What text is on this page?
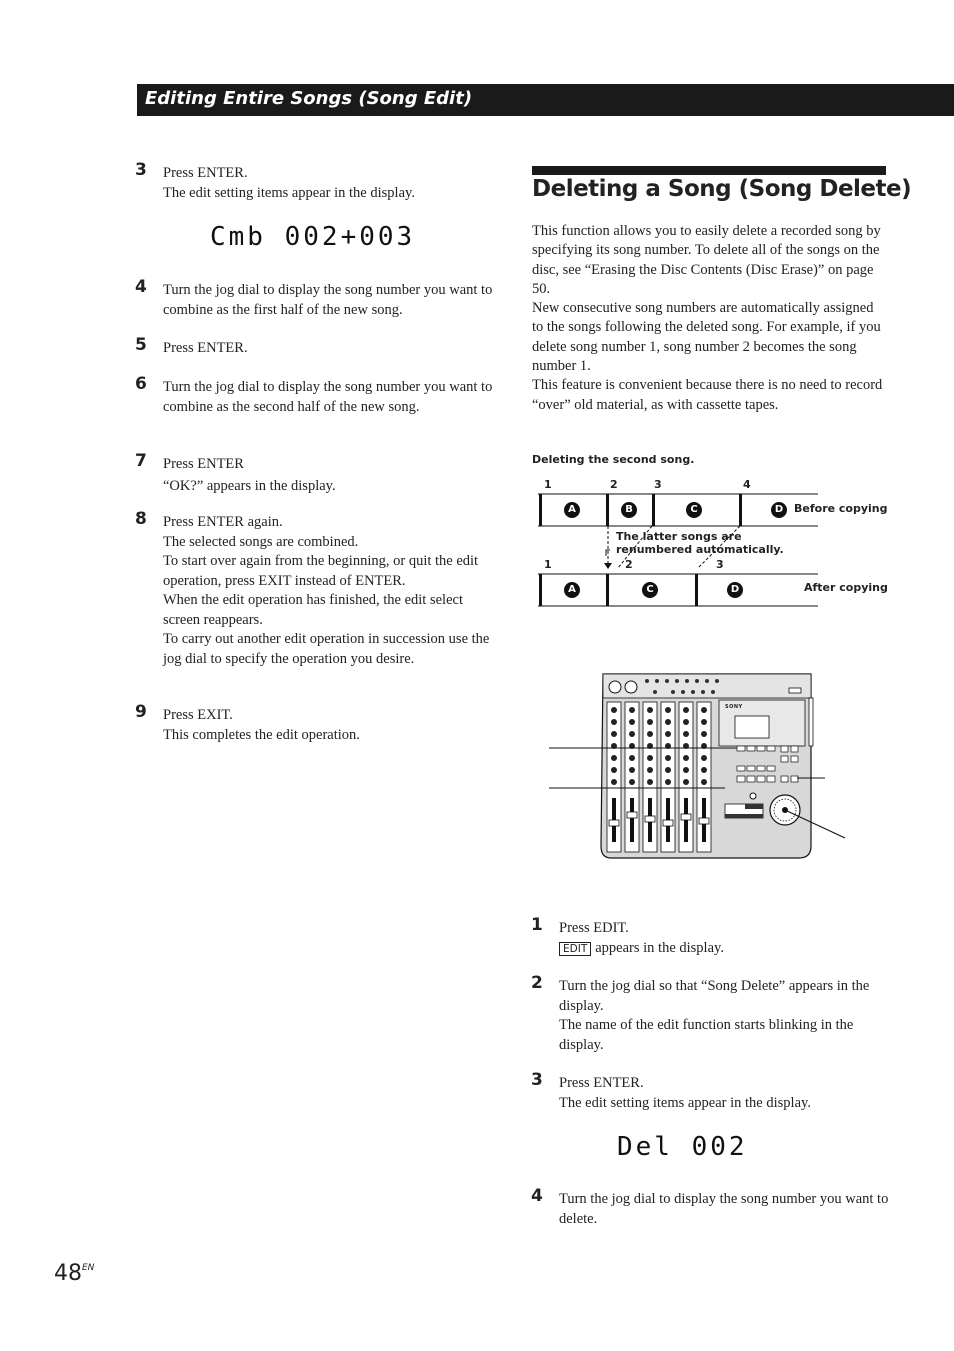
Editing Entire Songs (Song Edit)
3 Press ENTER.

The edit setting items appear in the display.

Cmb 002+003
4 Turn the jog dial to display the song number you want to combine as the first half of the new song.

5 Press ENTER.

6 Turn the jog dial to display the song number you want to combine as the second half of the new song.

7 Press ENTER

“OK?” appears in the display.

8 Press ENTER again.

The selected songs are combined.

To start over again from the beginning, or quit the edit operation, press EXIT instead of ENTER.

When the edit operation has finished, the edit select screen reappears.

To carry out another edit operation in succession use the jog dial to specify the operation you desire.

9 Press EXIT.

This completes the edit operation.

Deleting a Song (Song Delete)

This function allows you to easily delete a recorded song by specifying its song number. To delete all of the songs on the disc, see “Erasing the Disc Contents (Disc Erase)” on page 50.

New consecutive song numbers are automatically assigned to the songs following the deleted song. For example, if you delete song number 1, song number 2 becomes the song number 1.

This feature is convenient because there is no need to record “over” old material, as with cassette tapes.

Deleting the second song.
1	2	3	4
A	B	C	D Before copying
The latter songs are
renumbered automatically.
1	2	3
A	C	D	After copying
SONY
1 Press EDIT.

EDIT appears in the display.

2 Turn the jog dial so that “Song Delete” appears in the display.

The name of the edit function starts blinking in the display.

3 Press ENTER.

The edit setting items appear in the display.

Del 002
4 Turn the jog dial to display the song number you want to delete.

$48^{EN}$
